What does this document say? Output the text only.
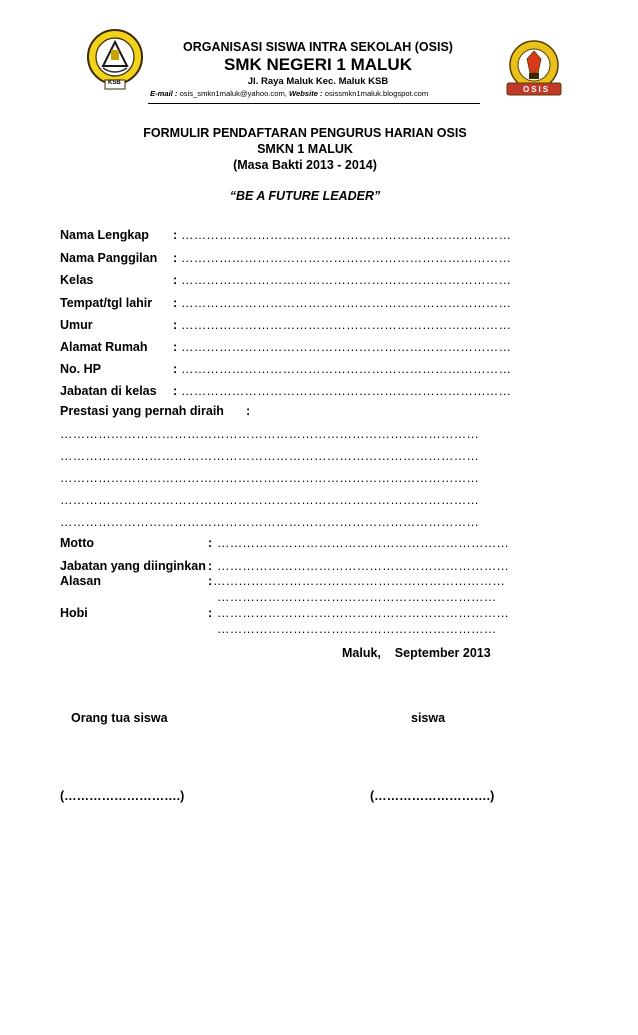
KSB
ORGANISASI SISWA INTRA SEKOLAH (OSIS)
SMK NEGERI 1 MALUK
Jl. Raya Maluk Kec. Maluk KSB
E-mail : osis_smkn1maluk@yahoo.com, Website : osissmkn1maluk.blogspot.com	OSIS
FORMULIR PENDAFTARAN PENGURUS HARIAN OSIS
SMKN 1 MALUK
(Masa Bakti 2013 - 2014)
“BE A FUTURE LEADER”
Nama Lengkap : ……………………………………………………………………
Nama Panggilan : ……………………………………………………………………
Kelas	: ……………………………………………………………………
Tempat/tgl lahir : ……………………………………………………………………
Umur	: ……………………………………………………………………
Alamat Rumah : ……………………………………………………………………
No. HP	: ……………………………………………………………………
Jabatan di kelas : ……………………………………………………………………
Prestasi yang pernah diraih :
………………………………………………………………………………………
………………………………………………………………………………………
………………………………………………………………………………………
………………………………………………………………………………………
………………………………………………………………………………………
Motto	: ……………………………………………………………
Jabatan yang diinginkan : ……………………………………………………………
Alasan	: ……………………………………………………………
…………………………………………………………
Hobi	: ……………………………………………………………
…………………………………………………………
Maluk,    September 2013
Orang tua siswa	siswa
(……………………….)	(……………………….)
